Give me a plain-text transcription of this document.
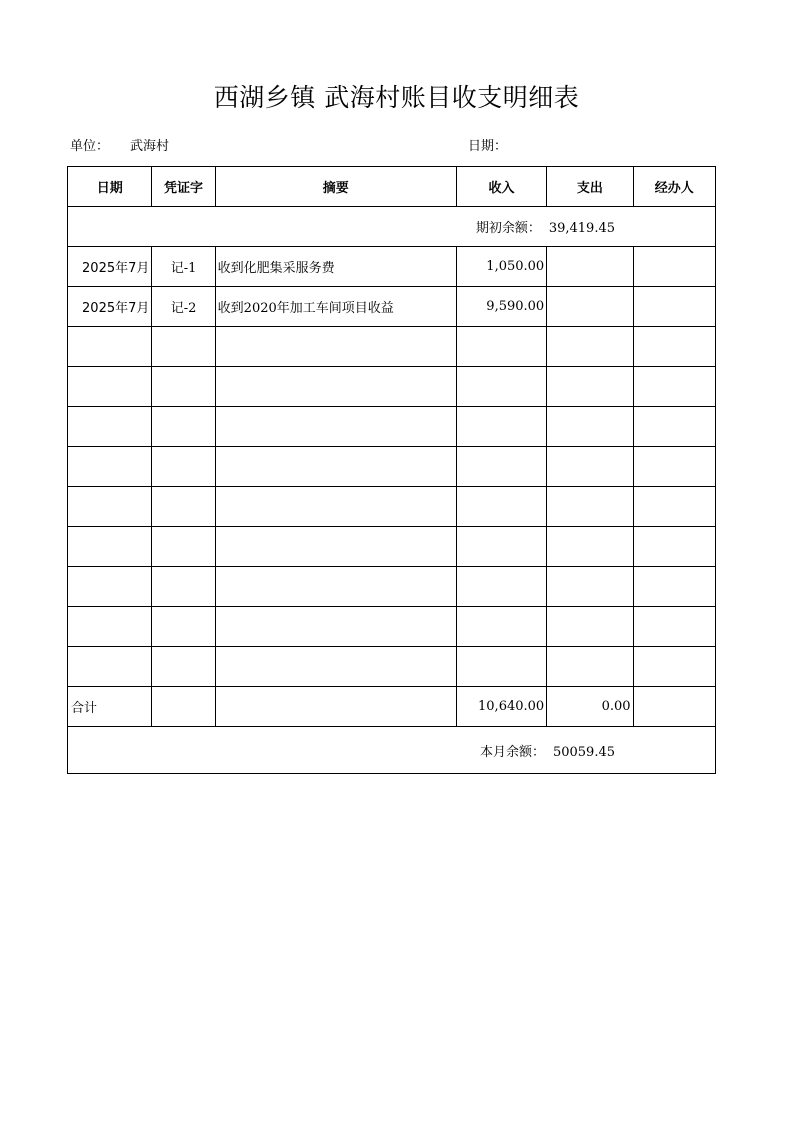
西湖乡镇 武海村账目收支明细表
单位： 武海村	日期：
日期	凭证字	摘要	收入	支出	经办人
期初余额： 39,419.45					
2025年7月	记-1	收到化肥集采服务费	1,050.00		
2025年7月	记-2	收到2020年加工车间项目收益	9,590.00		

合计			10,640.00	0.00	
本月余额： 50059.45					
